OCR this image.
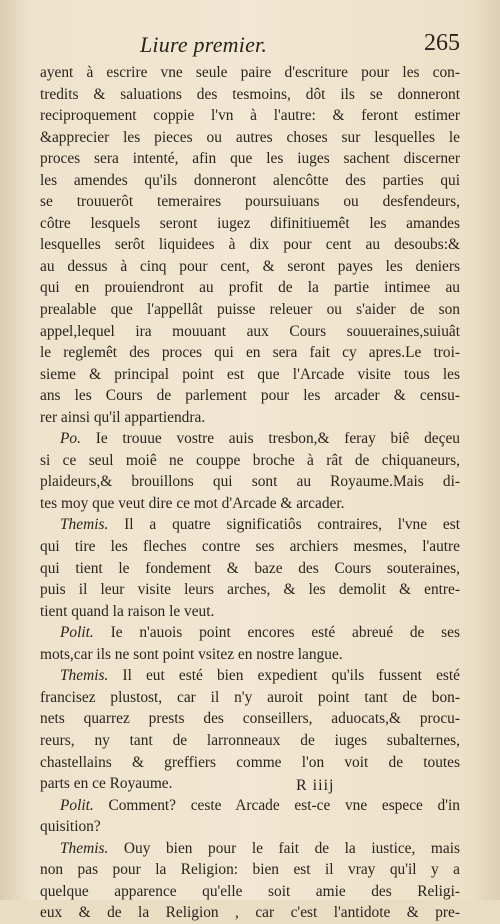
Liure premier.	265
ayent à escrire vne seule paire d'escriture pour les con-
tredits & saluations des tesmoins, dôt ils se donneront
reciproquement coppie l'vn à l'autre: & feront estimer
&apprecier les pieces ou autres choses sur lesquelles le
proces sera intenté, afin que les iuges sachent discerner
les amendes qu'ils donneront alencôtte des parties qui
se trouuerôt temeraires poursuiuans ou desfendeurs,
côtre lesquels seront iugez difinitiuemêt les amandes
lesquelles serôt liquidees à dix pour cent au desoubs:&
au dessus à cinq pour cent, & seront payes les deniers
qui en prouiendront au profit de la partie intimee au
prealable que l'appellât puisse releuer ou s'aider de son
appel,lequel ira mouuant aux Cours souueraines,suiuât
le reglemêt des proces qui en sera fait cy apres.Le troi-
sieme & principal point est que l'Arcade visite tous les
ans les Cours de parlement pour les arcader & censu-
rer ainsi qu'il appartiendra.
Po. Ie trouue vostre auis tresbon,& feray biê deçeu
si ce seul moiê ne couppe broche à rât de chiquaneurs,
plaideurs,& brouillons qui sont au Royaume.Mais di-
tes moy que veut dire ce mot d'Arcade & arcader.
Themis. Il a quatre significatiôs contraires, l'vne est
qui tire les fleches contre ses archiers mesmes, l'autre
qui tient le fondement & baze des Cours souteraines,
puis il leur visite leurs arches, & les demolit & entre-
tient quand la raison le veut.
Polit. Ie n'auois point encores esté abreué de ses
mots,car ils ne sont point vsitez en nostre langue.
Themis. Il eut esté bien expedient qu'ils fussent esté
francisez plustost, car il n'y auroit point tant de bon-
nets quarrez prests des conseillers, aduocats,& procu-
reurs, ny tant de larronneaux de iuges subalternes,
chastellains & greffiers comme l'on voit de toutes
parts en ce Royaume.
Polit. Comment? ceste Arcade est-ce vne espece d'in
quisition?
Themis. Ouy bien pour le fait de la iustice, mais
non pas pour la Religion: bien est il vray qu'il y a
quelque apparence qu'elle soit amie des Religi-
eux & de la Religion , car c'est l'antidote & pre-
R iiij
